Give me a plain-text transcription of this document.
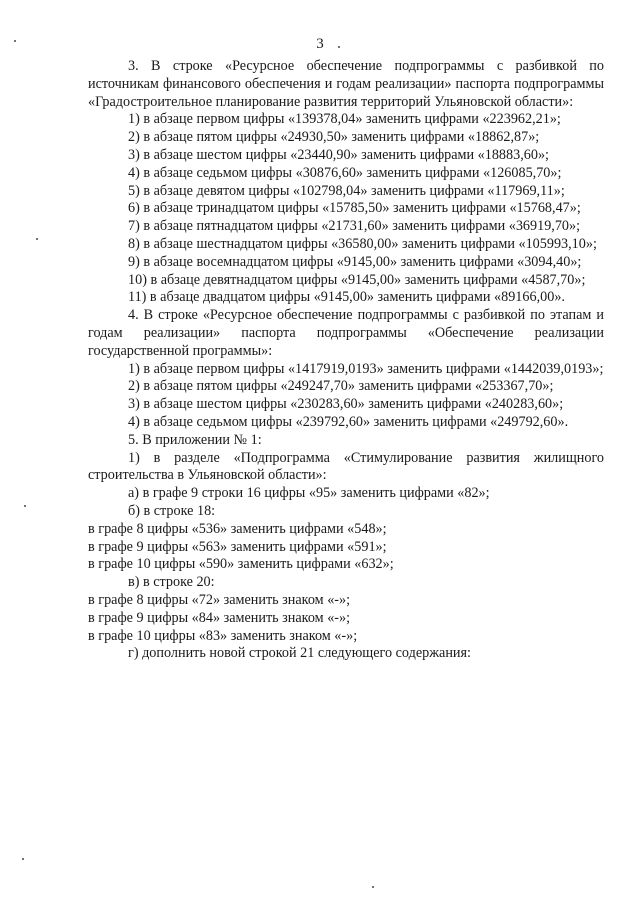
3

3. В строке «Ресурсное обеспечение подпрограммы с разбивкой по источникам финансового обеспечения и годам реализации» паспорта подпрограммы «Градостроительное планирование развития территорий Ульяновской области»:

1) в абзаце первом цифры «139378,04» заменить цифрами «223962,21»;

2) в абзаце пятом цифры «24930,50» заменить цифрами «18862,87»;

3) в абзаце шестом цифры «23440,90» заменить цифрами «18883,60»;

4) в абзаце седьмом цифры «30876,60» заменить цифрами «126085,70»;

5) в абзаце девятом цифры «102798,04» заменить цифрами «117969,11»;

6) в абзаце тринадцатом цифры «15785,50» заменить цифрами «15768,47»;

7) в абзаце пятнадцатом цифры «21731,60» заменить цифрами «36919,70»;

8) в абзаце шестнадцатом цифры «36580,00» заменить цифрами «105993,10»;

9) в абзаце восемнадцатом цифры «9145,00» заменить цифрами «3094,40»;

10) в абзаце девятнадцатом цифры «9145,00» заменить цифрами «4587,70»;

11) в абзаце двадцатом цифры «9145,00» заменить цифрами «89166,00».

4. В строке «Ресурсное обеспечение подпрограммы с разбивкой по этапам и годам реализации» паспорта подпрограммы «Обеспечение реализации государственной программы»:

1) в абзаце первом цифры «1417919,0193» заменить цифрами «1442039,0193»;

2) в абзаце пятом цифры «249247,70» заменить цифрами «253367,70»;

3) в абзаце шестом цифры «230283,60» заменить цифрами «240283,60»;

4) в абзаце седьмом цифры «239792,60» заменить цифрами «249792,60».

5. В приложении № 1:

1) в разделе «Подпрограмма «Стимулирование развития жилищного строительства в Ульяновской области»:

а) в графе 9 строки 16 цифры «95» заменить цифрами «82»;

б) в строке 18:

в графе 8 цифры «536» заменить цифрами «548»;

в графе 9 цифры «563» заменить цифрами «591»;

в графе 10 цифры «590» заменить цифрами «632»;

в) в строке 20:

в графе 8 цифры «72» заменить знаком «-»;

в графе 9 цифры «84» заменить знаком «-»;

в графе 10 цифры «83» заменить знаком «-»;

г) дополнить новой строкой 21 следующего содержания:
